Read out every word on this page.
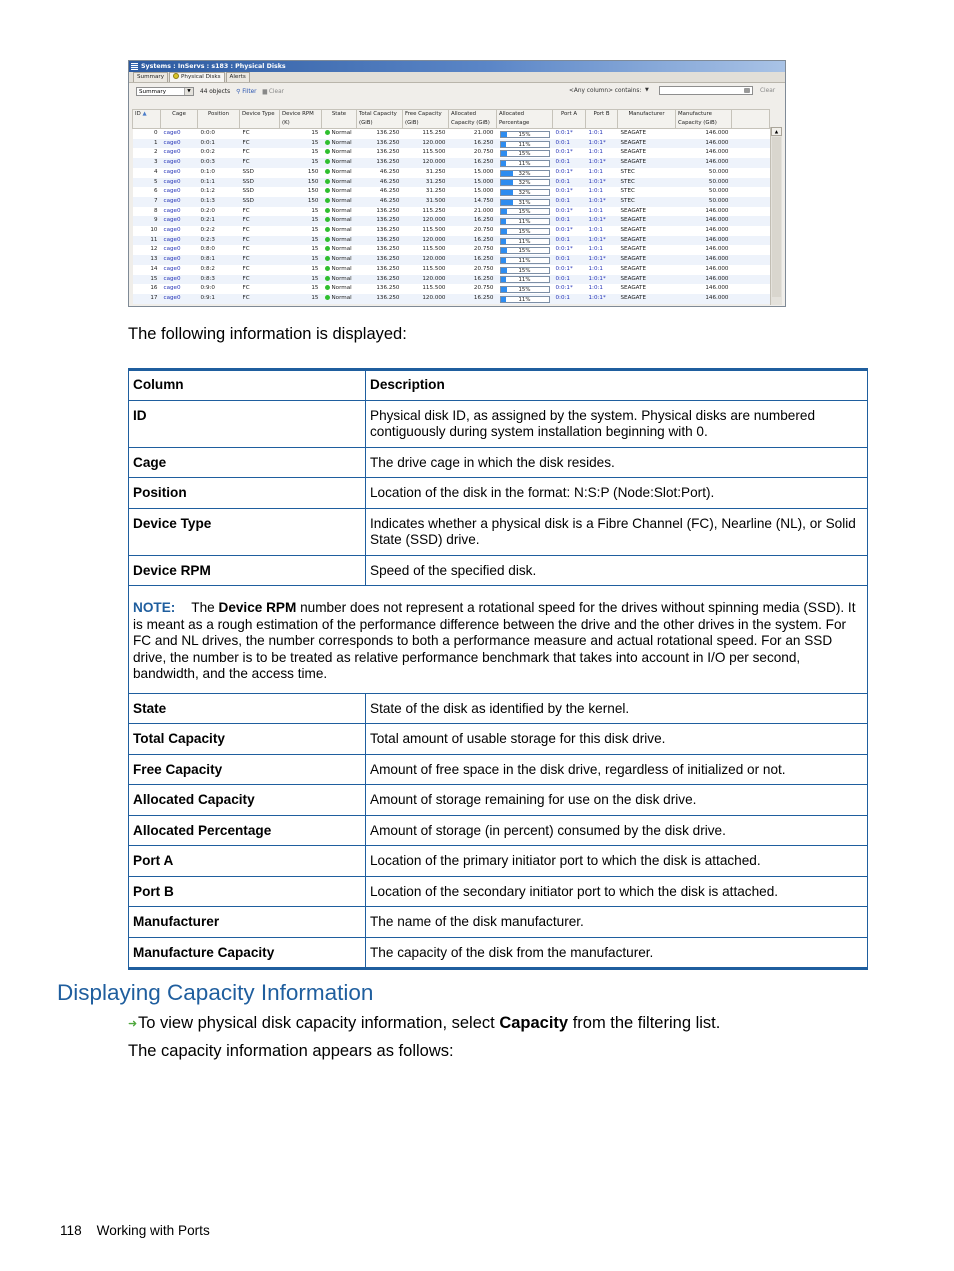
Systems : InServs : s183 : Physical Disks
Summary	Physical Disks	Alerts
Summary	▼	44 objects ⚲ Filter ▆ Clear	<Any column> contains: ▼	Clear
ID ▲	Cage	Position	Device Type	Device RPM (K)	State	Total Capacity (GiB)	Free Capacity (GiB)	Allocated Capacity (GiB)	Allocated Percentage	Port A	Port B	Manufacturer	Manufacture Capacity (GiB)	
0	cage0	0:0:0	FC	15	Normal	136.250	115.250	21.000	15%	0:0:1*	1:0:1	SEAGATE	146.000	
1	cage0	0:0:1	FC	15	Normal	136.250	120.000	16.250	11%	0:0:1	1:0:1*	SEAGATE	146.000	
2	cage0	0:0:2	FC	15	Normal	136.250	115.500	20.750	15%	0:0:1*	1:0:1	SEAGATE	146.000	
3	cage0	0:0:3	FC	15	Normal	136.250	120.000	16.250	11%	0:0:1	1:0:1*	SEAGATE	146.000	
4	cage0	0:1:0	SSD	150	Normal	46.250	31.250	15.000	32%	0:0:1*	1:0:1	STEC	50.000	
5	cage0	0:1:1	SSD	150	Normal	46.250	31.250	15.000	32%	0:0:1	1:0:1*	STEC	50.000	
6	cage0	0:1:2	SSD	150	Normal	46.250	31.250	15.000	32%	0:0:1*	1:0:1	STEC	50.000	
7	cage0	0:1:3	SSD	150	Normal	46.250	31.500	14.750	31%	0:0:1	1:0:1*	STEC	50.000	
8	cage0	0:2:0	FC	15	Normal	136.250	115.250	21.000	15%	0:0:1*	1:0:1	SEAGATE	146.000	
9	cage0	0:2:1	FC	15	Normal	136.250	120.000	16.250	11%	0:0:1	1:0:1*	SEAGATE	146.000	
10	cage0	0:2:2	FC	15	Normal	136.250	115.500	20.750	15%	0:0:1*	1:0:1	SEAGATE	146.000	
11	cage0	0:2:3	FC	15	Normal	136.250	120.000	16.250	11%	0:0:1	1:0:1*	SEAGATE	146.000	
12	cage0	0:8:0	FC	15	Normal	136.250	115.500	20.750	15%	0:0:1*	1:0:1	SEAGATE	146.000	
13	cage0	0:8:1	FC	15	Normal	136.250	120.000	16.250	11%	0:0:1	1:0:1*	SEAGATE	146.000	
14	cage0	0:8:2	FC	15	Normal	136.250	115.500	20.750	15%	0:0:1*	1:0:1	SEAGATE	146.000	
15	cage0	0:8:3	FC	15	Normal	136.250	120.000	16.250	11%	0:0:1	1:0:1*	SEAGATE	146.000	
16	cage0	0:9:0	FC	15	Normal	136.250	115.500	20.750	15%	0:0:1*	1:0:1	SEAGATE	146.000	
17	cage0	0:9:1	FC	15	Normal	136.250	120.000	16.250	11%	0:0:1	1:0:1*	SEAGATE	146.000	
▲
The following information is displayed:
Column	Description
ID	Physical disk ID, as assigned by the system. Physical disks are numbered contiguously during system installation beginning with 0.
Cage	The drive cage in which the disk resides.
Position	Location of the disk in the format: N:S:P (Node:Slot:Port).
Device Type	Indicates whether a physical disk is a Fibre Channel (FC), Nearline (NL), or Solid State (SSD) drive.
Device RPM	Speed of the specified disk.
NOTE: The Device RPM number does not represent a rotational speed for the drives without spinning media (SSD). It is meant as a rough estimation of the performance difference between the drive and the other drives in the system. For FC and NL drives, the number corresponds to both a performance measure and actual rotational speed. For an SSD drive, the number is to be treated as relative performance benchmark that takes into account in I/O per second, bandwidth, and the access time.	
State	State of the disk as identified by the kernel.
Total Capacity	Total amount of usable storage for this disk drive.
Free Capacity	Amount of free space in the disk drive, regardless of initialized or not.
Allocated Capacity	Amount of storage remaining for use on the disk drive.
Allocated Percentage	Amount of storage (in percent) consumed by the disk drive.
Port A	Location of the primary initiator port to which the disk is attached.
Port B	Location of the secondary initiator port to which the disk is attached.
Manufacturer	The name of the disk manufacturer.
Manufacture Capacity	The capacity of the disk from the manufacturer.
Displaying Capacity Information
➜To view physical disk capacity information, select Capacity from the filtering list.
The capacity information appears as follows:
118 Working with Ports
